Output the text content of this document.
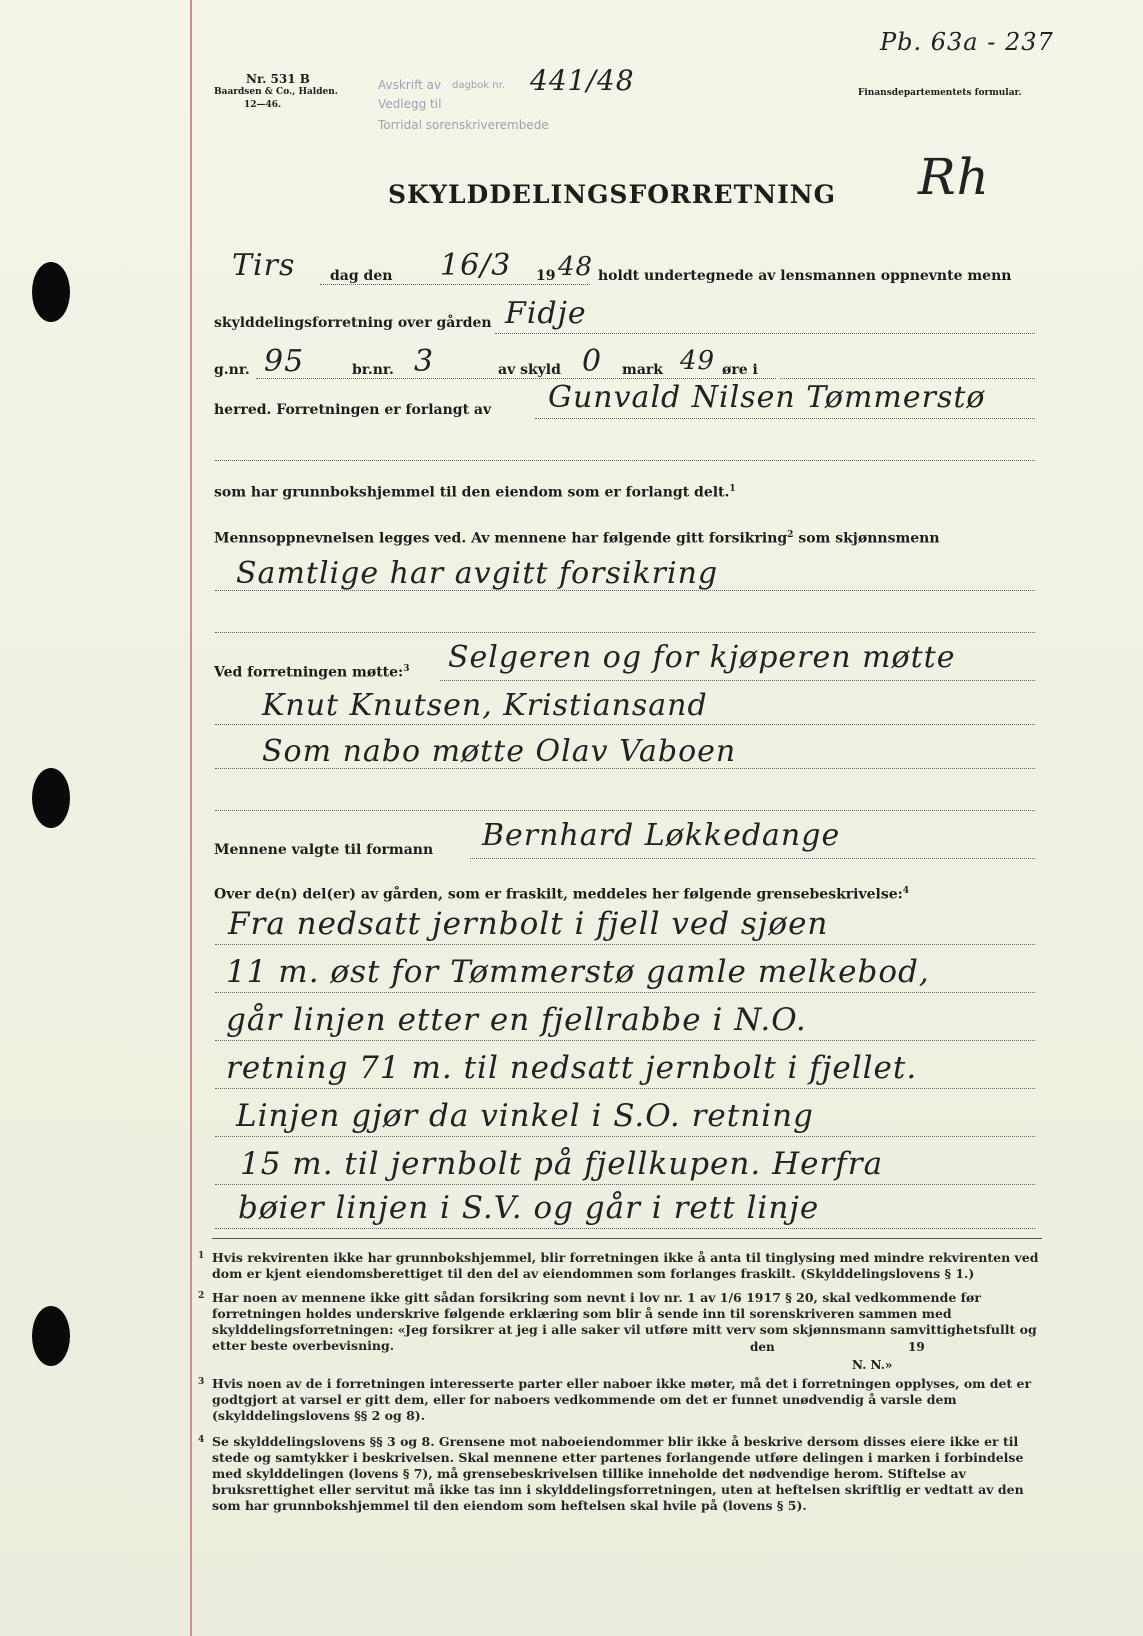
Nr. 531 B
Baardsen & Co., Halden.
12—46.
Avskrift av dagbok nr.
Vedlegg til
Torridal sorenskriverembede
441/48	Finansdepartementets formular.
Pb. 63a - 237
Rh
SKYLDDELINGSFORRETNING
Tirs dag den 16/3 19 48 holdt undertegnede av lensmannen oppnevnte menn
skylddelingsforretning over gården Fidje
g.nr. 95	br.nr. 3	av skyld 0 mark 49 øre i
herred. Forretningen er forlangt av Gunvald Nilsen Tømmerstø
som har grunnbokshjemmel til den eiendom som er forlangt delt.$^1$
Mennsoppnevnelsen legges ved. Av mennene har følgende gitt forsikring$^2$ som skjønnsmenn
Samtlige har avgitt forsikring
Ved forretningen møtte:$^3$ Selgeren og for kjøperen møtte
Knut Knutsen, Kristiansand
Som nabo møtte Olav Vaboen
Mennene valgte til formann Bernhard Løkkedange
Over de(n) del(er) av gården, som er fraskilt, meddeles her følgende grensebeskrivelse:$^4$
Fra nedsatt jernbolt i fjell ved sjøen
11 m. øst for Tømmerstø gamle melkebod,
går linjen etter en fjellrabbe i N.O.
retning 71 m. til nedsatt jernbolt i fjellet.
Linjen gjør da vinkel i S.O. retning
15 m. til jernbolt på fjellkupen. Herfra
bøier linjen i S.V. og går i rett linje
1 Hvis rekvirenten ikke har grunnbokshjemmel, blir forretningen ikke å anta til tinglysing med mindre rekvirenten ved dom er kjent eiendomsberettiget til den del av eiendommen som forlanges fraskilt. (Skylddelingslovens § 1.)

2 Har noen av mennene ikke gitt sådan forsikring som nevnt i lov nr. 1 av 1/6 1917 § 20, skal vedkommende før forretningen holdes underskrive følgende erklæring som blir å sende inn til sorenskriveren sammen med skylddelingsforretningen: «Jeg forsikrer at jeg i alle saker vil utføre mitt verv som skjønnsmann samvittighetsfullt og etter beste overbevisning.	den	19
N. N.»
3 Hvis noen av de i forretningen interesserte parter eller naboer ikke møter, må det i forretningen opplyses, om det er godtgjort at varsel er gitt dem, eller for naboers vedkommende om det er funnet unødvendig å varsle dem (skylddelingslovens §§ 2 og 8).

4 Se skylddelingslovens §§ 3 og 8. Grensene mot naboeiendommer blir ikke å beskrive dersom disses eiere ikke er til stede og samtykker i beskrivelsen. Skal mennene etter partenes forlangende utføre delingen i marken i forbindelse med skylddelingen (lovens § 7), må grensebeskrivelsen tillike inneholde det nødvendige herom. Stiftelse av bruksrettighet eller servitut må ikke tas inn i skylddelingsforretningen, uten at heftelsen skriftlig er vedtatt av den som har grunnbokshjemmel til den eiendom som heftelsen skal hvile på (lovens § 5).
